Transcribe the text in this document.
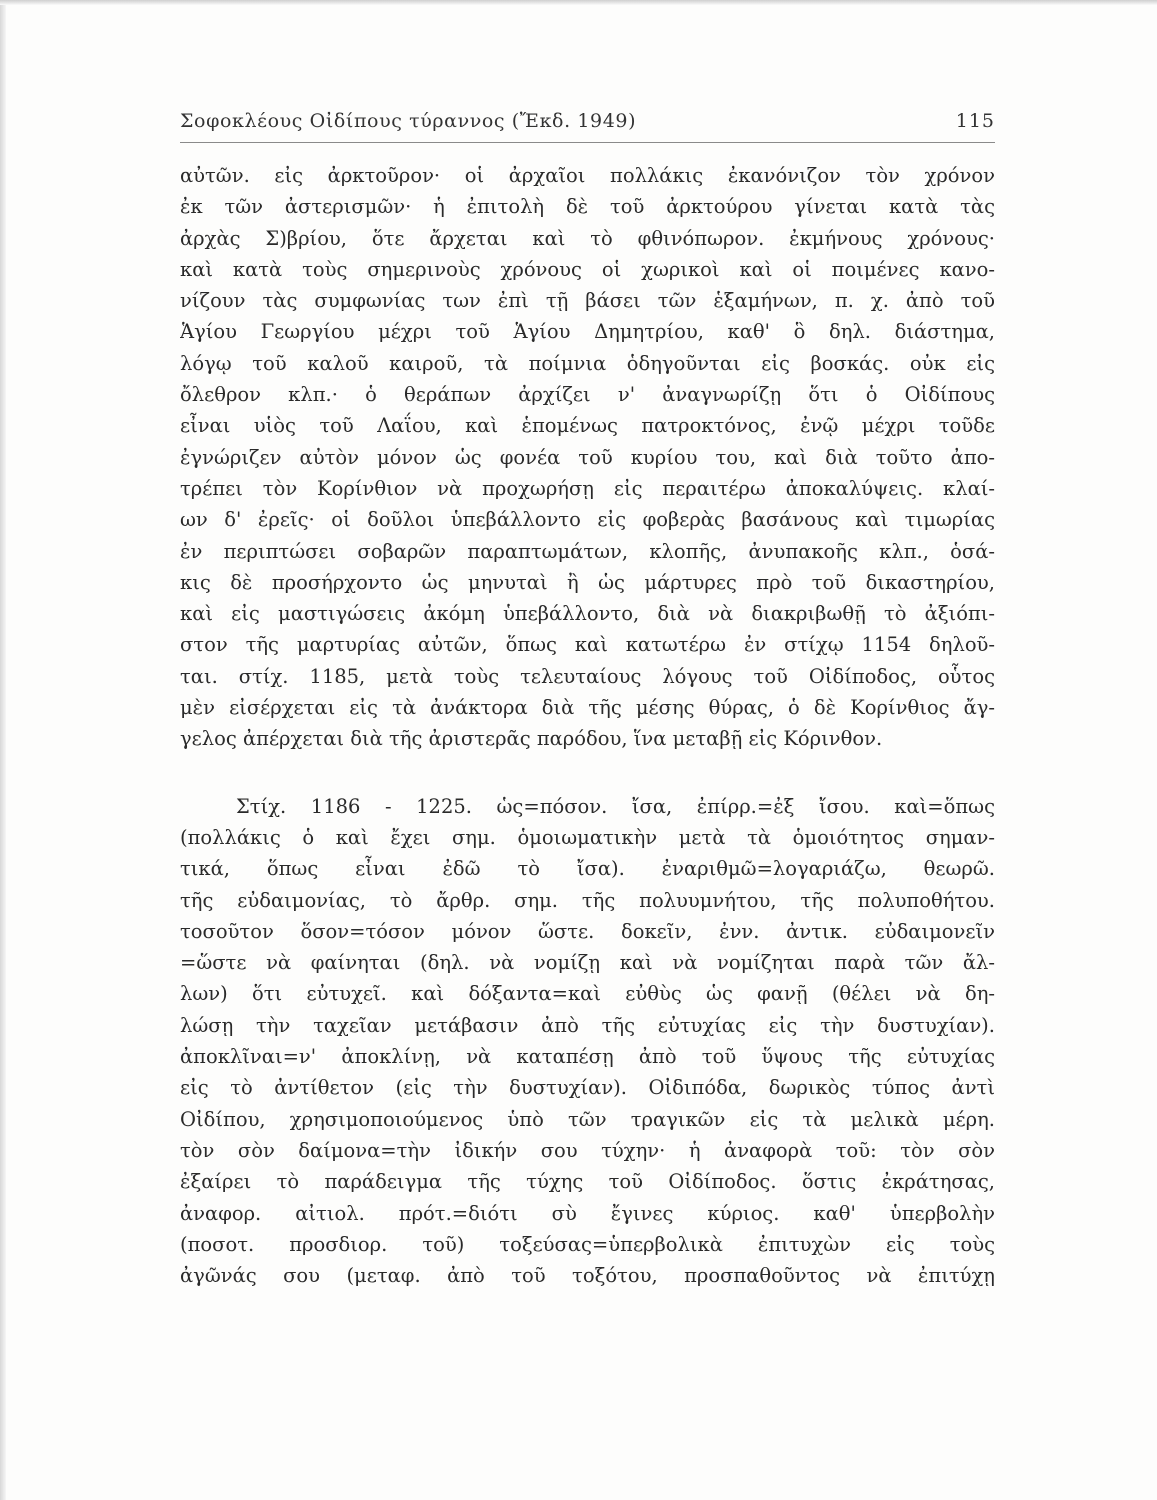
Σοφοκλέους Οἰδίπους τύραννος (Ἔκδ. 1949)	115
αὐτῶν. εἰς ἀρκτοῦρον· οἱ ἀρχαῖοι πολλάκις ἐκανόνιζον τὸν χρόνον
ἐκ τῶν ἀστερισμῶν· ἡ ἐπιτολὴ δὲ τοῦ ἀρκτούρου γίνεται κατὰ τὰς
ἀρχὰς Σ)βρίου, ὅτε ἄρχεται καὶ τὸ φθινόπωρον. ἐκμήνους χρόνους·
καὶ κατὰ τοὺς σημερινοὺς χρόνους οἱ χωρικοὶ καὶ οἱ ποιμένες κανο-
νίζουν τὰς συμφωνίας των ἐπὶ τῇ βάσει τῶν ἑξαμήνων, π. χ. ἀπὸ τοῦ
Ἁγίου Γεωργίου μέχρι τοῦ Ἁγίου Δημητρίου, καθ' ὃ δηλ. διάστημα,
λόγῳ τοῦ καλοῦ καιροῦ, τὰ ποίμνια ὁδηγοῦνται εἰς βοσκάς. οὐκ εἰς
ὄλεθρον κλπ.· ὁ θεράπων ἀρχίζει ν' ἀναγνωρίζῃ ὅτι ὁ Οἰδίπους
εἶναι υἱὸς τοῦ Λαΐου, καὶ ἑπομένως πατροκτόνος, ἐνῷ μέχρι τοῦδε
ἐγνώριζεν αὐτὸν μόνον ὡς φονέα τοῦ κυρίου του, καὶ διὰ τοῦτο ἀπο-
τρέπει τὸν Κορίνθιον νὰ προχωρήσῃ εἰς περαιτέρω ἀποκαλύψεις. κλαί-
ων δ' ἐρεῖς· οἱ δοῦλοι ὑπεβάλλοντο εἰς φοβερὰς βασάνους καὶ τιμωρίας
ἐν περιπτώσει σοβαρῶν παραπτωμάτων, κλοπῆς, ἀνυπακοῆς κλπ., ὁσά-
κις δὲ προσήρχοντο ὡς μηνυταὶ ἢ ὡς μάρτυρες πρὸ τοῦ δικαστηρίου,
καὶ εἰς μαστιγώσεις ἀκόμη ὑπεβάλλοντο, διὰ νὰ διακριβωθῇ τὸ ἀξιόπι-
στον τῆς μαρτυρίας αὐτῶν, ὅπως καὶ κατωτέρω ἐν στίχῳ 1154 δηλοῦ-
ται. στίχ. 1185, μετὰ τοὺς τελευταίους λόγους τοῦ Οἰδίποδος, οὗτος
μὲν εἰσέρχεται εἰς τὰ ἀνάκτορα διὰ τῆς μέσης θύρας, ὁ δὲ Κορίνθιος ἄγ-
γελος ἀπέρχεται διὰ τῆς ἀριστερᾶς παρόδου, ἵνα μεταβῇ εἰς Κόρινθον.
Στίχ. 1186 - 1225. ὡς=πόσον. ἴσα, ἐπίρρ.=ἐξ ἴσου. καὶ=ὅπως
(πολλάκις ὁ καὶ ἔχει σημ. ὁμοιωματικὴν μετὰ τὰ ὁμοιότητος σημαν-
τικά, ὅπως εἶναι ἐδῶ τὸ ἴσα). ἐναριθμῶ=λογαριάζω, θεωρῶ.
τῆς εὐδαιμονίας, τὸ ἄρθρ. σημ. τῆς πολυυμνήτου, τῆς πολυποθήτου.
τοσοῦτον ὅσον=τόσον μόνον ὥστε. δοκεῖν, ἐνν. ἀντικ. εὐδαιμονεῖν
=ὥστε νὰ φαίνηται (δηλ. νὰ νομίζῃ καὶ νὰ νομίζηται παρὰ τῶν ἄλ-
λων) ὅτι εὐτυχεῖ. καὶ δόξαντα=καὶ εὐθὺς ὡς φανῇ (θέλει νὰ δη-
λώσῃ τὴν ταχεῖαν μετάβασιν ἀπὸ τῆς εὐτυχίας εἰς τὴν δυστυχίαν).
ἀποκλῖναι=ν' ἀποκλίνῃ, νὰ καταπέσῃ ἀπὸ τοῦ ὕψους τῆς εὐτυχίας
εἰς τὸ ἀντίθετον (εἰς τὴν δυστυχίαν). Οἰδιπόδα, δωρικὸς τύπος ἀντὶ
Οἰδίπου, χρησιμοποιούμενος ὑπὸ τῶν τραγικῶν εἰς τὰ μελικὰ μέρη.
τὸν σὸν δαίμονα=τὴν ἰδικήν σου τύχην· ἡ ἀναφορὰ τοῦ: τὸν σὸν
ἐξαίρει τὸ παράδειγμα τῆς τύχης τοῦ Οἰδίποδος. ὅστις ἐκράτησας,
ἀναφορ. αἰτιολ. πρότ.=διότι σὺ ἔγινες κύριος. καθ' ὑπερβολὴν
(ποσοτ. προσδιορ. τοῦ) τοξεύσας=ὑπερβολικὰ ἐπιτυχὼν εἰς τοὺς
ἀγῶνάς σου (μεταφ. ἀπὸ τοῦ τοξότου, προσπαθοῦντος νὰ ἐπιτύχῃ
